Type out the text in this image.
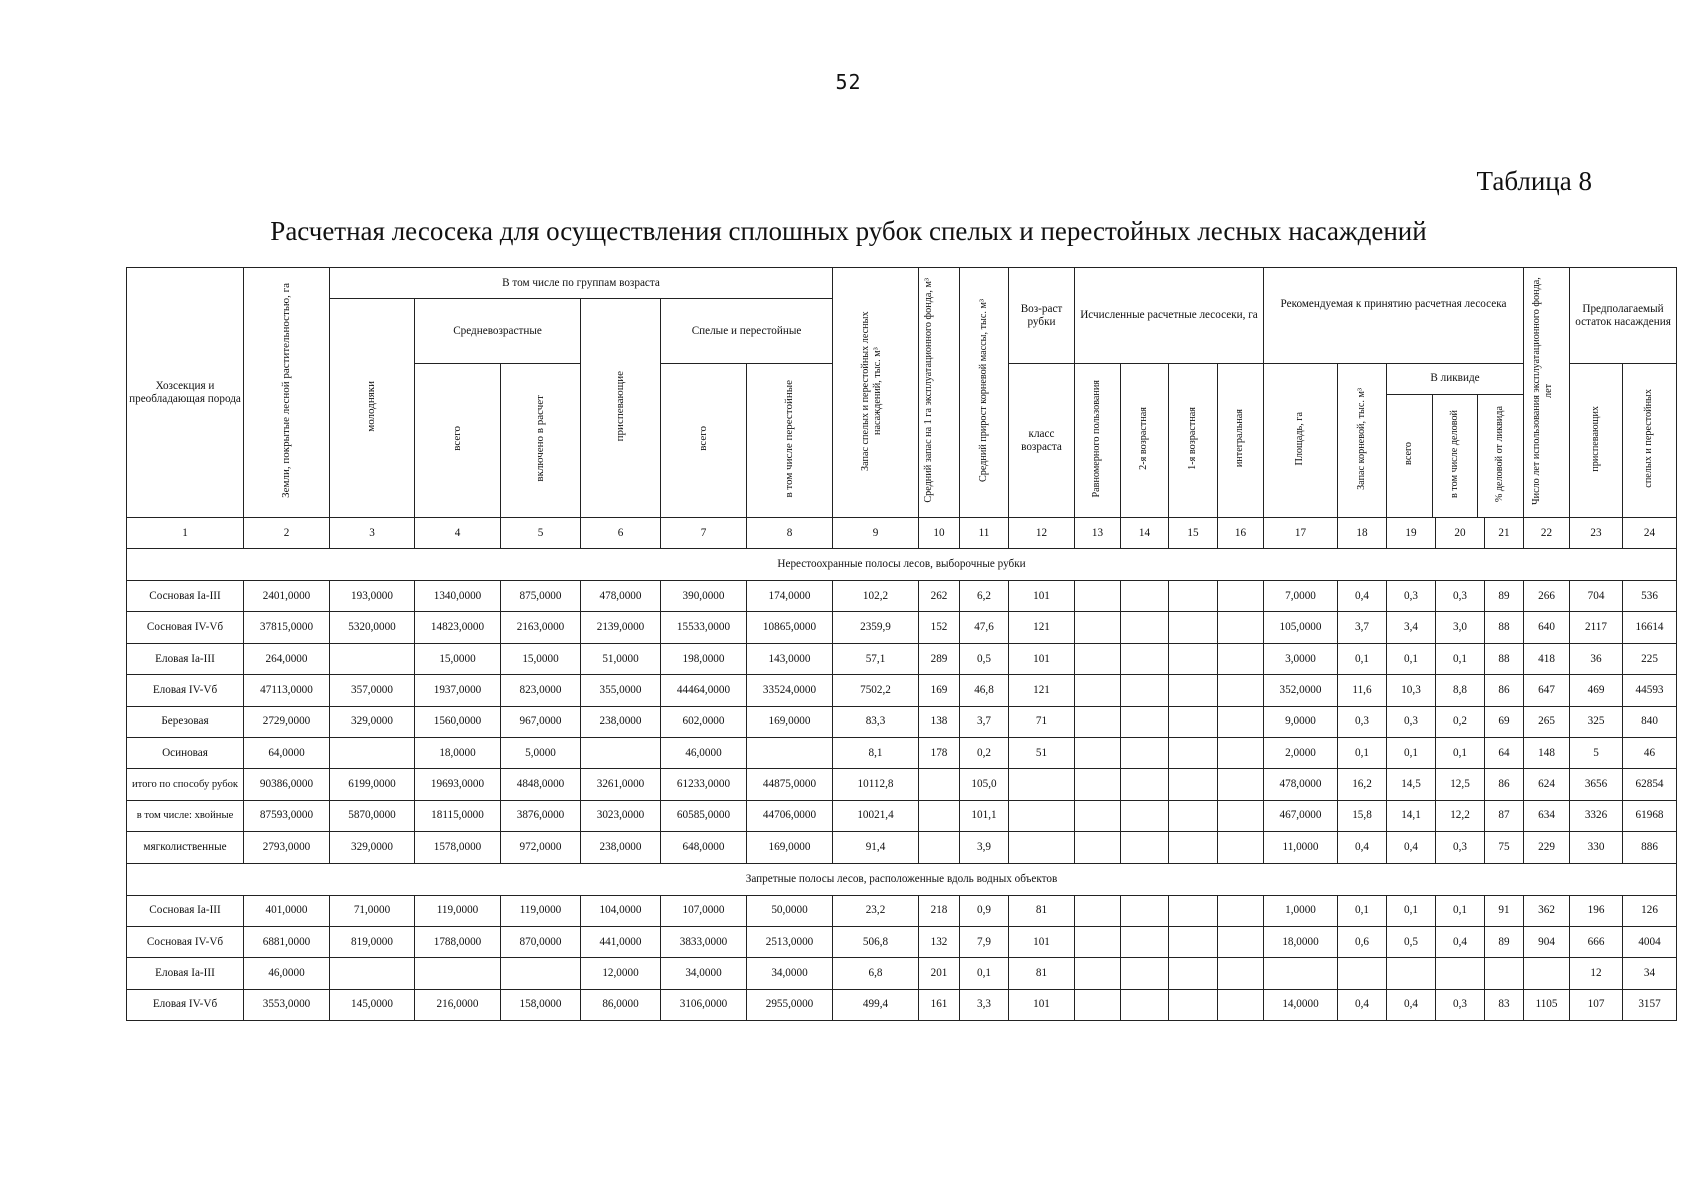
52
Таблица 8
Расчетная лесосека для осуществления сплошных рубок спелых и перестойных лесных насаждений
Хозсекция и преобладающая порода	Земли, покрытые лесной растительностью, га	В том числе по группам возраста	Запас спелых и перестойных лесных насаждений, тыс. м³	Средний запас на 1 га эксплуатационного фонда, м³	Средний прирост корневой массы, тыс. м³	Воз-раст рубки	Исчисленные расчетные лесосеки, га	Рекомендуемая к принятию расчетная лесосека	Число лет использования эксплуатационного фонда, лет	Предполагаемый остаток насаждения
молодняки	Средневозрастные	приспевающие	Спелые и перестойные
всего	включено в расчет	всего	в том числе перестойные	класс возраста	Равномерного пользования	2-я возрастная	1-я возрастная	интегральная	Площадь, га	Запас корневой, тыс. м³	
В ликвиде
всего	в том числе деловой	% деловой от ликвида
		приспевающих	спелых и перестойных
1	2	3	4	5	6	7	8	9	10	11	12	13	14	15	16	17	18	19	20	21	22	23	24
Нерестоохранные полосы лесов, выборочные рубки
Сосновая Ia-III	2401,0000	193,0000	1340,0000	875,0000	478,0000	390,0000	174,0000	102,2	262	6,2	101					7,0000	0,4	0,3	0,3	89	266	704	536
Сосновая IV-Vб	37815,0000	5320,0000	14823,0000	2163,0000	2139,0000	15533,0000	10865,0000	2359,9	152	47,6	121					105,0000	3,7	3,4	3,0	88	640	2117	16614
Еловая Ia-III	264,0000		15,0000	15,0000	51,0000	198,0000	143,0000	57,1	289	0,5	101					3,0000	0,1	0,1	0,1	88	418	36	225
Еловая IV-Vб	47113,0000	357,0000	1937,0000	823,0000	355,0000	44464,0000	33524,0000	7502,2	169	46,8	121					352,0000	11,6	10,3	8,8	86	647	469	44593
Березовая	2729,0000	329,0000	1560,0000	967,0000	238,0000	602,0000	169,0000	83,3	138	3,7	71					9,0000	0,3	0,3	0,2	69	265	325	840
Осиновая	64,0000		18,0000	5,0000		46,0000		8,1	178	0,2	51					2,0000	0,1	0,1	0,1	64	148	5	46
итого по способу рубок	90386,0000	6199,0000	19693,0000	4848,0000	3261,0000	61233,0000	44875,0000	10112,8		105,0						478,0000	16,2	14,5	12,5	86	624	3656	62854
в том числе: хвойные	87593,0000	5870,0000	18115,0000	3876,0000	3023,0000	60585,0000	44706,0000	10021,4		101,1						467,0000	15,8	14,1	12,2	87	634	3326	61968
мягколиственные	2793,0000	329,0000	1578,0000	972,0000	238,0000	648,0000	169,0000	91,4		3,9						11,0000	0,4	0,4	0,3	75	229	330	886
Запретные полосы лесов, расположенные вдоль водных объектов
Сосновая Ia-III	401,0000	71,0000	119,0000	119,0000	104,0000	107,0000	50,0000	23,2	218	0,9	81					1,0000	0,1	0,1	0,1	91	362	196	126
Сосновая IV-Vб	6881,0000	819,0000	1788,0000	870,0000	441,0000	3833,0000	2513,0000	506,8	132	7,9	101					18,0000	0,6	0,5	0,4	89	904	666	4004
Еловая Ia-III	46,0000				12,0000	34,0000	34,0000	6,8	201	0,1	81											12	34
Еловая IV-Vб	3553,0000	145,0000	216,0000	158,0000	86,0000	3106,0000	2955,0000	499,4	161	3,3	101					14,0000	0,4	0,4	0,3	83	1105	107	3157
